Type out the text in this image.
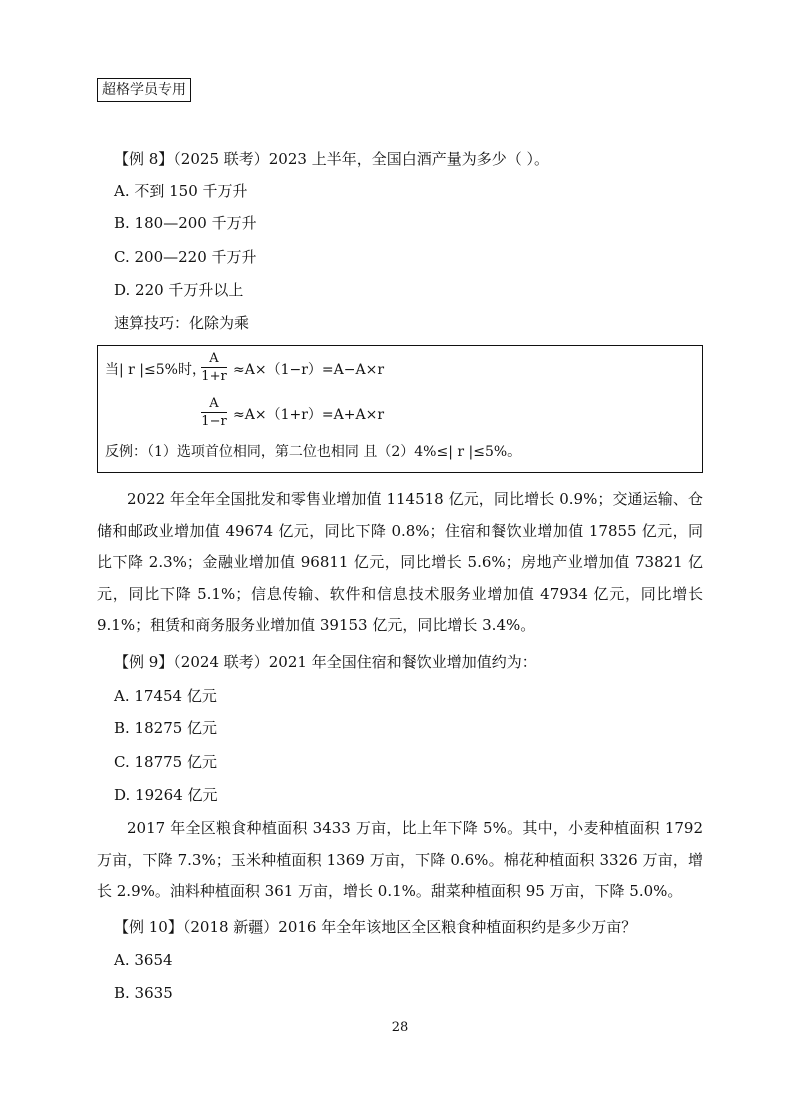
超格学员专用
【例 8】（2025 联考）2023 上半年，全国白酒产量为多少（ ）。
A. 不到 150 千万升
B. 180—200 千万升
C. 200—220 千万升
D. 220 千万升以上
速算技巧：化除为乘
当| r |≤5%时，
$\frac{A}{1+r} \approx A\times(1-r)=A-A\times r$
$\frac{A}{1-r} \approx A\times(1+r)=A+A\times r$
反例：（1）选项首位相同，第二位也相同 且（2）4%≤| r |≤5%。
2022 年全年全国批发和零售业增加值 114518 亿元，同比增长 0.9%；交通运输、仓储和邮政业增加值 49674 亿元，同比下降 0.8%；住宿和餐饮业增加值 17855 亿元，同比下降 2.3%；金融业增加值 96811 亿元，同比增长 5.6%；房地产业增加值 73821 亿元，同比下降 5.1%；信息传输、软件和信息技术服务业增加值 47934 亿元，同比增长 9.1%；租赁和商务服务业增加值 39153 亿元，同比增长 3.4%。
【例 9】（2024 联考）2021 年全国住宿和餐饮业增加值约为：
A. 17454 亿元
B. 18275 亿元
C. 18775 亿元
D. 19264 亿元
2017 年全区粮食种植面积 3433 万亩，比上年下降 5%。其中，小麦种植面积 1792 万亩，下降 7.3%；玉米种植面积 1369 万亩，下降 0.6%。棉花种植面积 3326 万亩，增长 2.9%。油料种植面积 361 万亩，增长 0.1%。甜菜种植面积 95 万亩，下降 5.0%。
【例 10】（2018 新疆）2016 年全年该地区全区粮食种植面积约是多少万亩？
A. 3654
B. 3635
28
